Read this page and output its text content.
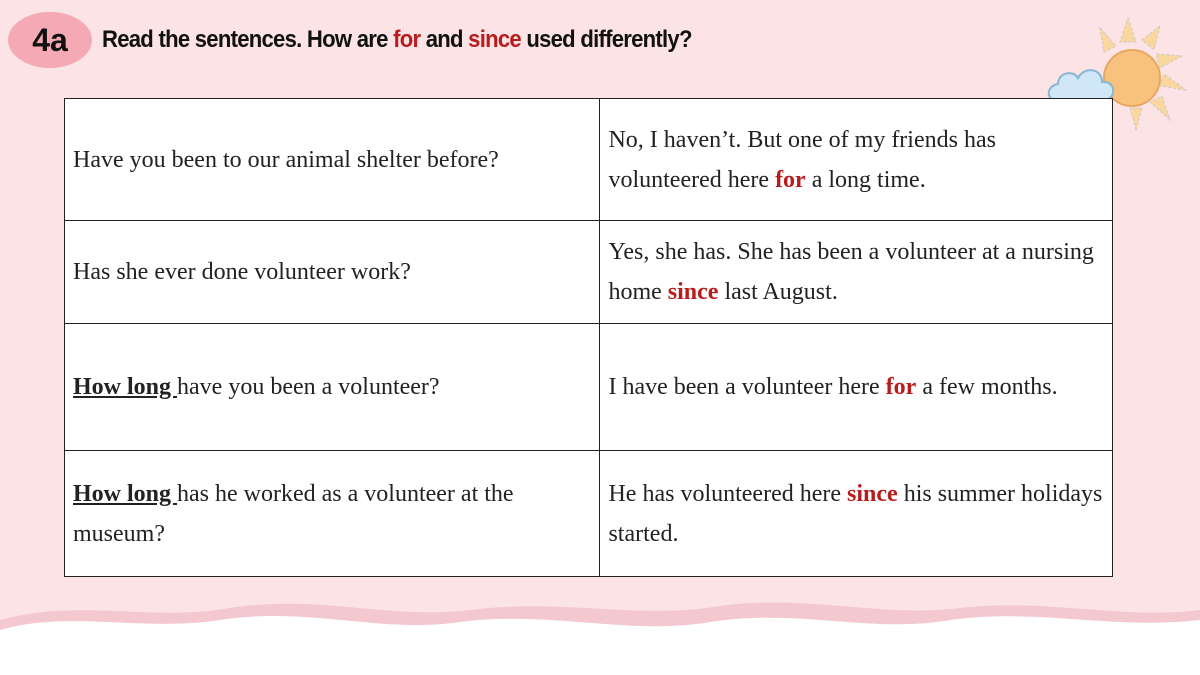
4a	Read the sentences. How are for and since used differently?
Have you been to our animal shelter before?	No, I haven’t. But one of my friends has volunteered here for a long time.
Has she ever done volunteer work?	Yes, she has. She has been a volunteer at a nursing home since last August.
How long have you been a volunteer?	I have been a volunteer here for a few months.
How long has he worked as a volunteer at the museum?	He has volunteered here since his summer holidays started.
